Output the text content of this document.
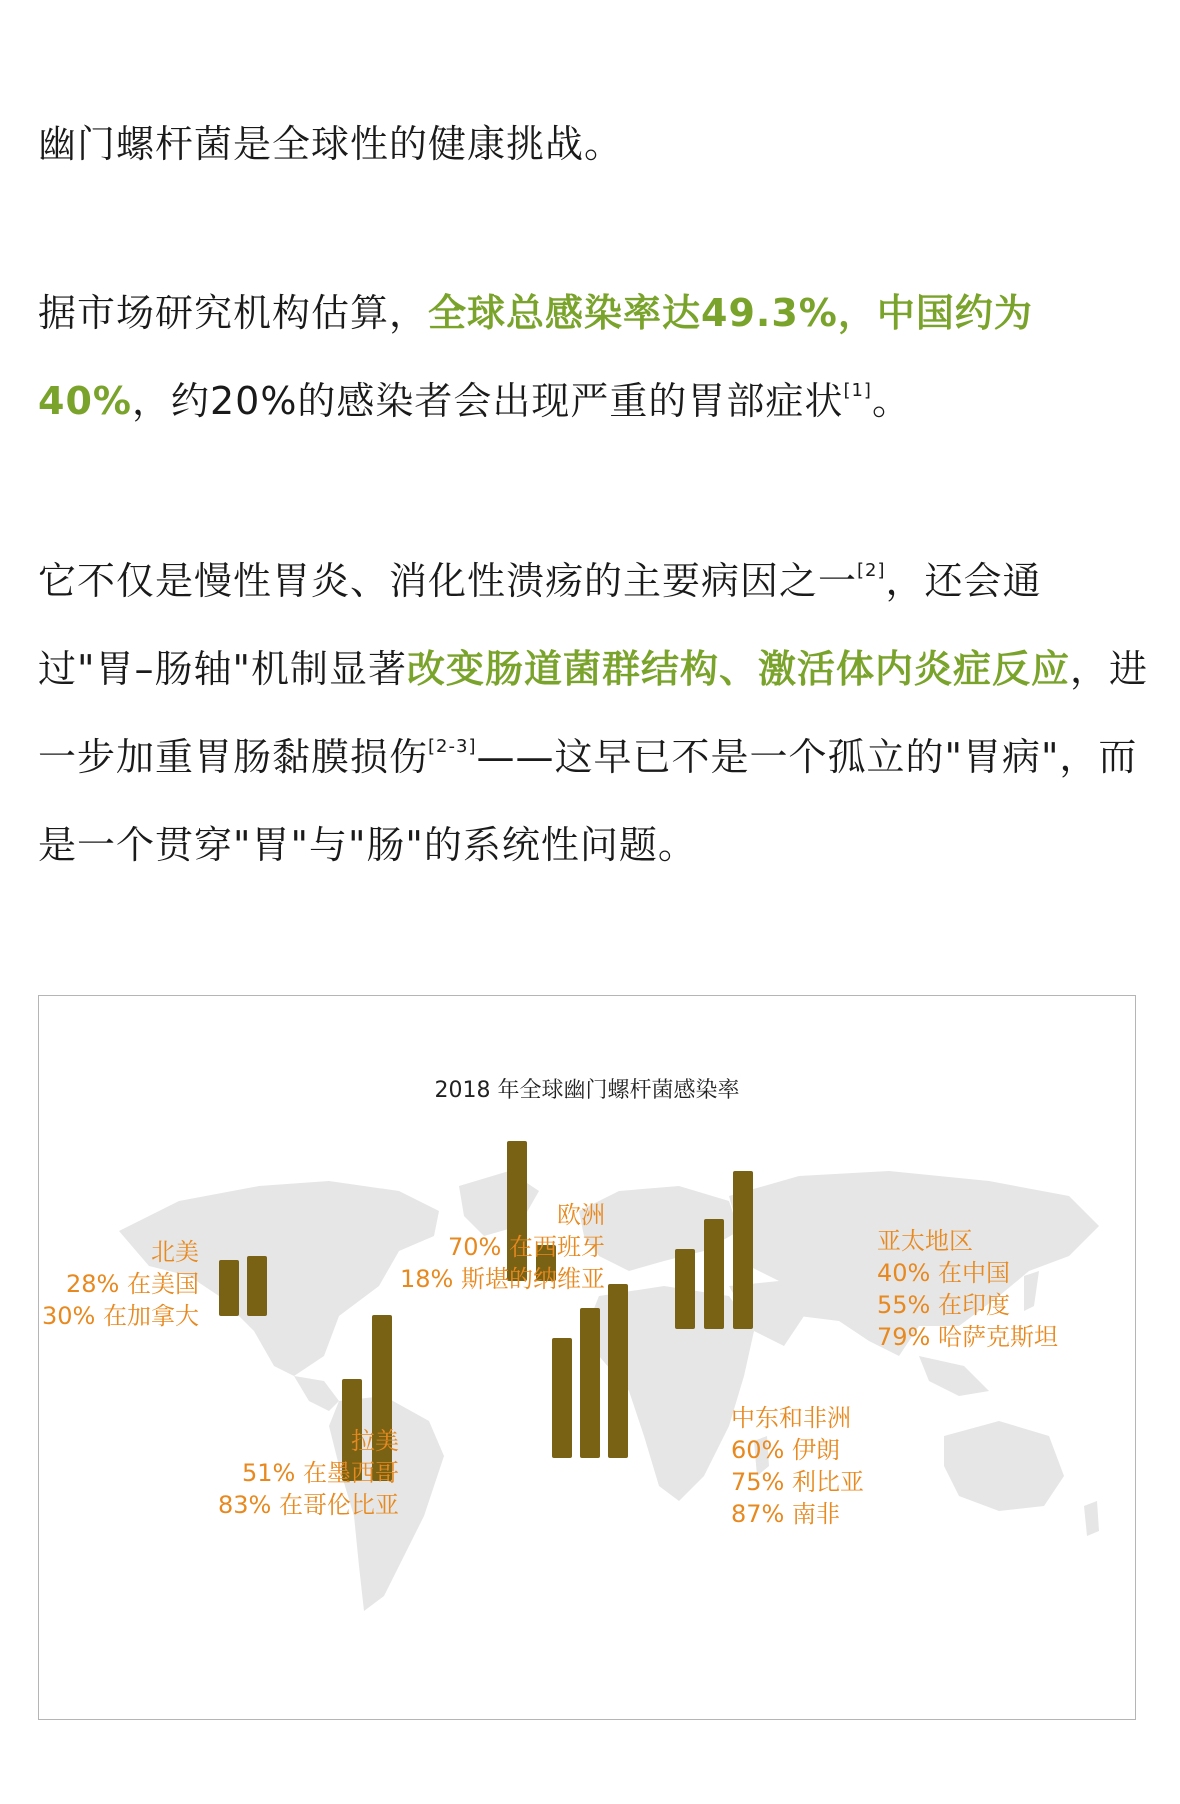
幽门螺杆菌是全球性的健康挑战。

据市场研究机构估算，全球总感染率达49.3%，中国约为40%，约20%的感染者会出现严重的胃部症状[1]。

它不仅是慢性胃炎、消化性溃疡的主要病因之一[2]，还会通过"胃–肠轴"机制显著改变肠道菌群结构、激活体内炎症反应，进一步加重胃肠黏膜损伤[2-3]——这早已不是一个孤立的"胃病"，而是一个贯穿"胃"与"肠"的系统性问题。

2018 年全球幽门螺杆菌感染率
北美
28% 在美国
30% 在加拿大
欧洲
70% 在西班牙
18% 斯堪的纳维亚
亚太地区
40% 在中国
55% 在印度
79% 哈萨克斯坦
拉美
51% 在墨西哥
83% 在哥伦比亚
中东和非洲
60% 伊朗
75% 利比亚
87% 南非
